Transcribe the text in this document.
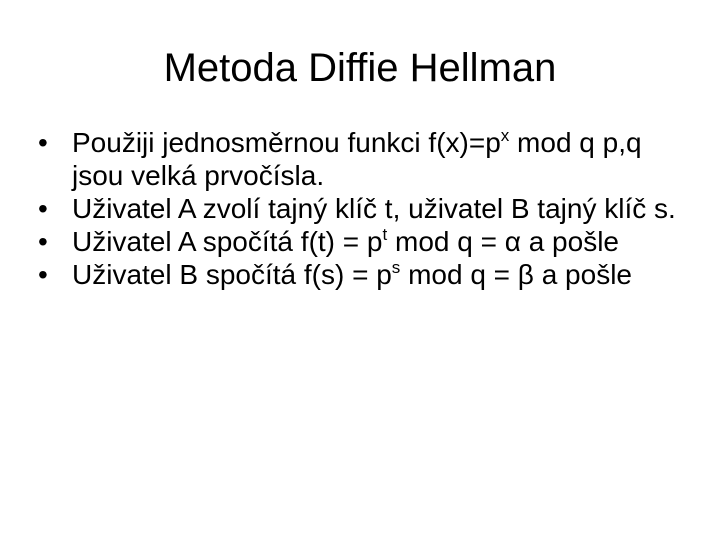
Metoda Diffie Hellman
• Použiji jednosměrnou funkci $f(x)=p^x$ mod q p,q jsou velká prvočísla.
• Uživatel A zvolí tajný klíč t, uživatel B tajný klíč s.
• Uživatel A spočítá $f(t) = p^t$ mod q = α a pošle
• Uživatel B spočítá $f(s) = p^s$ mod q = β a pošle
